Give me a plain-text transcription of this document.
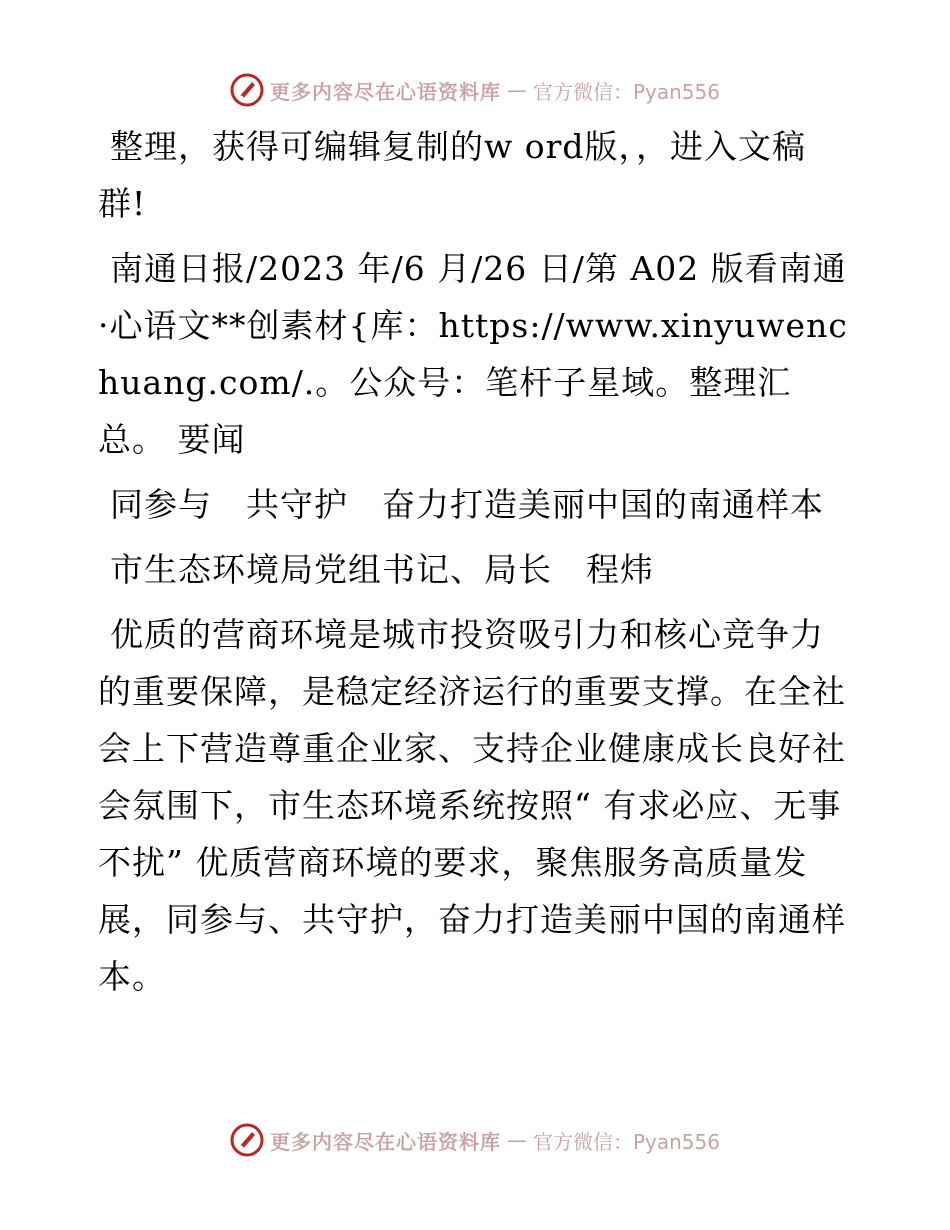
更多内容尽在心语资料库 — 官方微信：Pyan556

整理，获得可编辑复制的w ord版，，进入文稿群!

南通日报/2023 年/6 月/26 日/第 A02 版看南通·心语文**创素材{库：https://www.xinyuwenchuang.com/.。公众号：笔杆子星域。整理汇总。 要闻

同参与　共守护　奋力打造美丽中国的南通样本

市生态环境局党组书记、局长　程炜

优质的营商环境是城市投资吸引力和核心竞争力的重要保障，是稳定经济运行的重要支撑。在全社会上下营造尊重企业家、支持企业健康成长良好社会氛围下，市生态环境系统按照“ 有求必应、无事不扰” 优质营商环境的要求，聚焦服务高质量发展，同参与、共守护，奋力打造美丽中国的南通样本。

更多内容尽在心语资料库 — 官方微信：Pyan556
